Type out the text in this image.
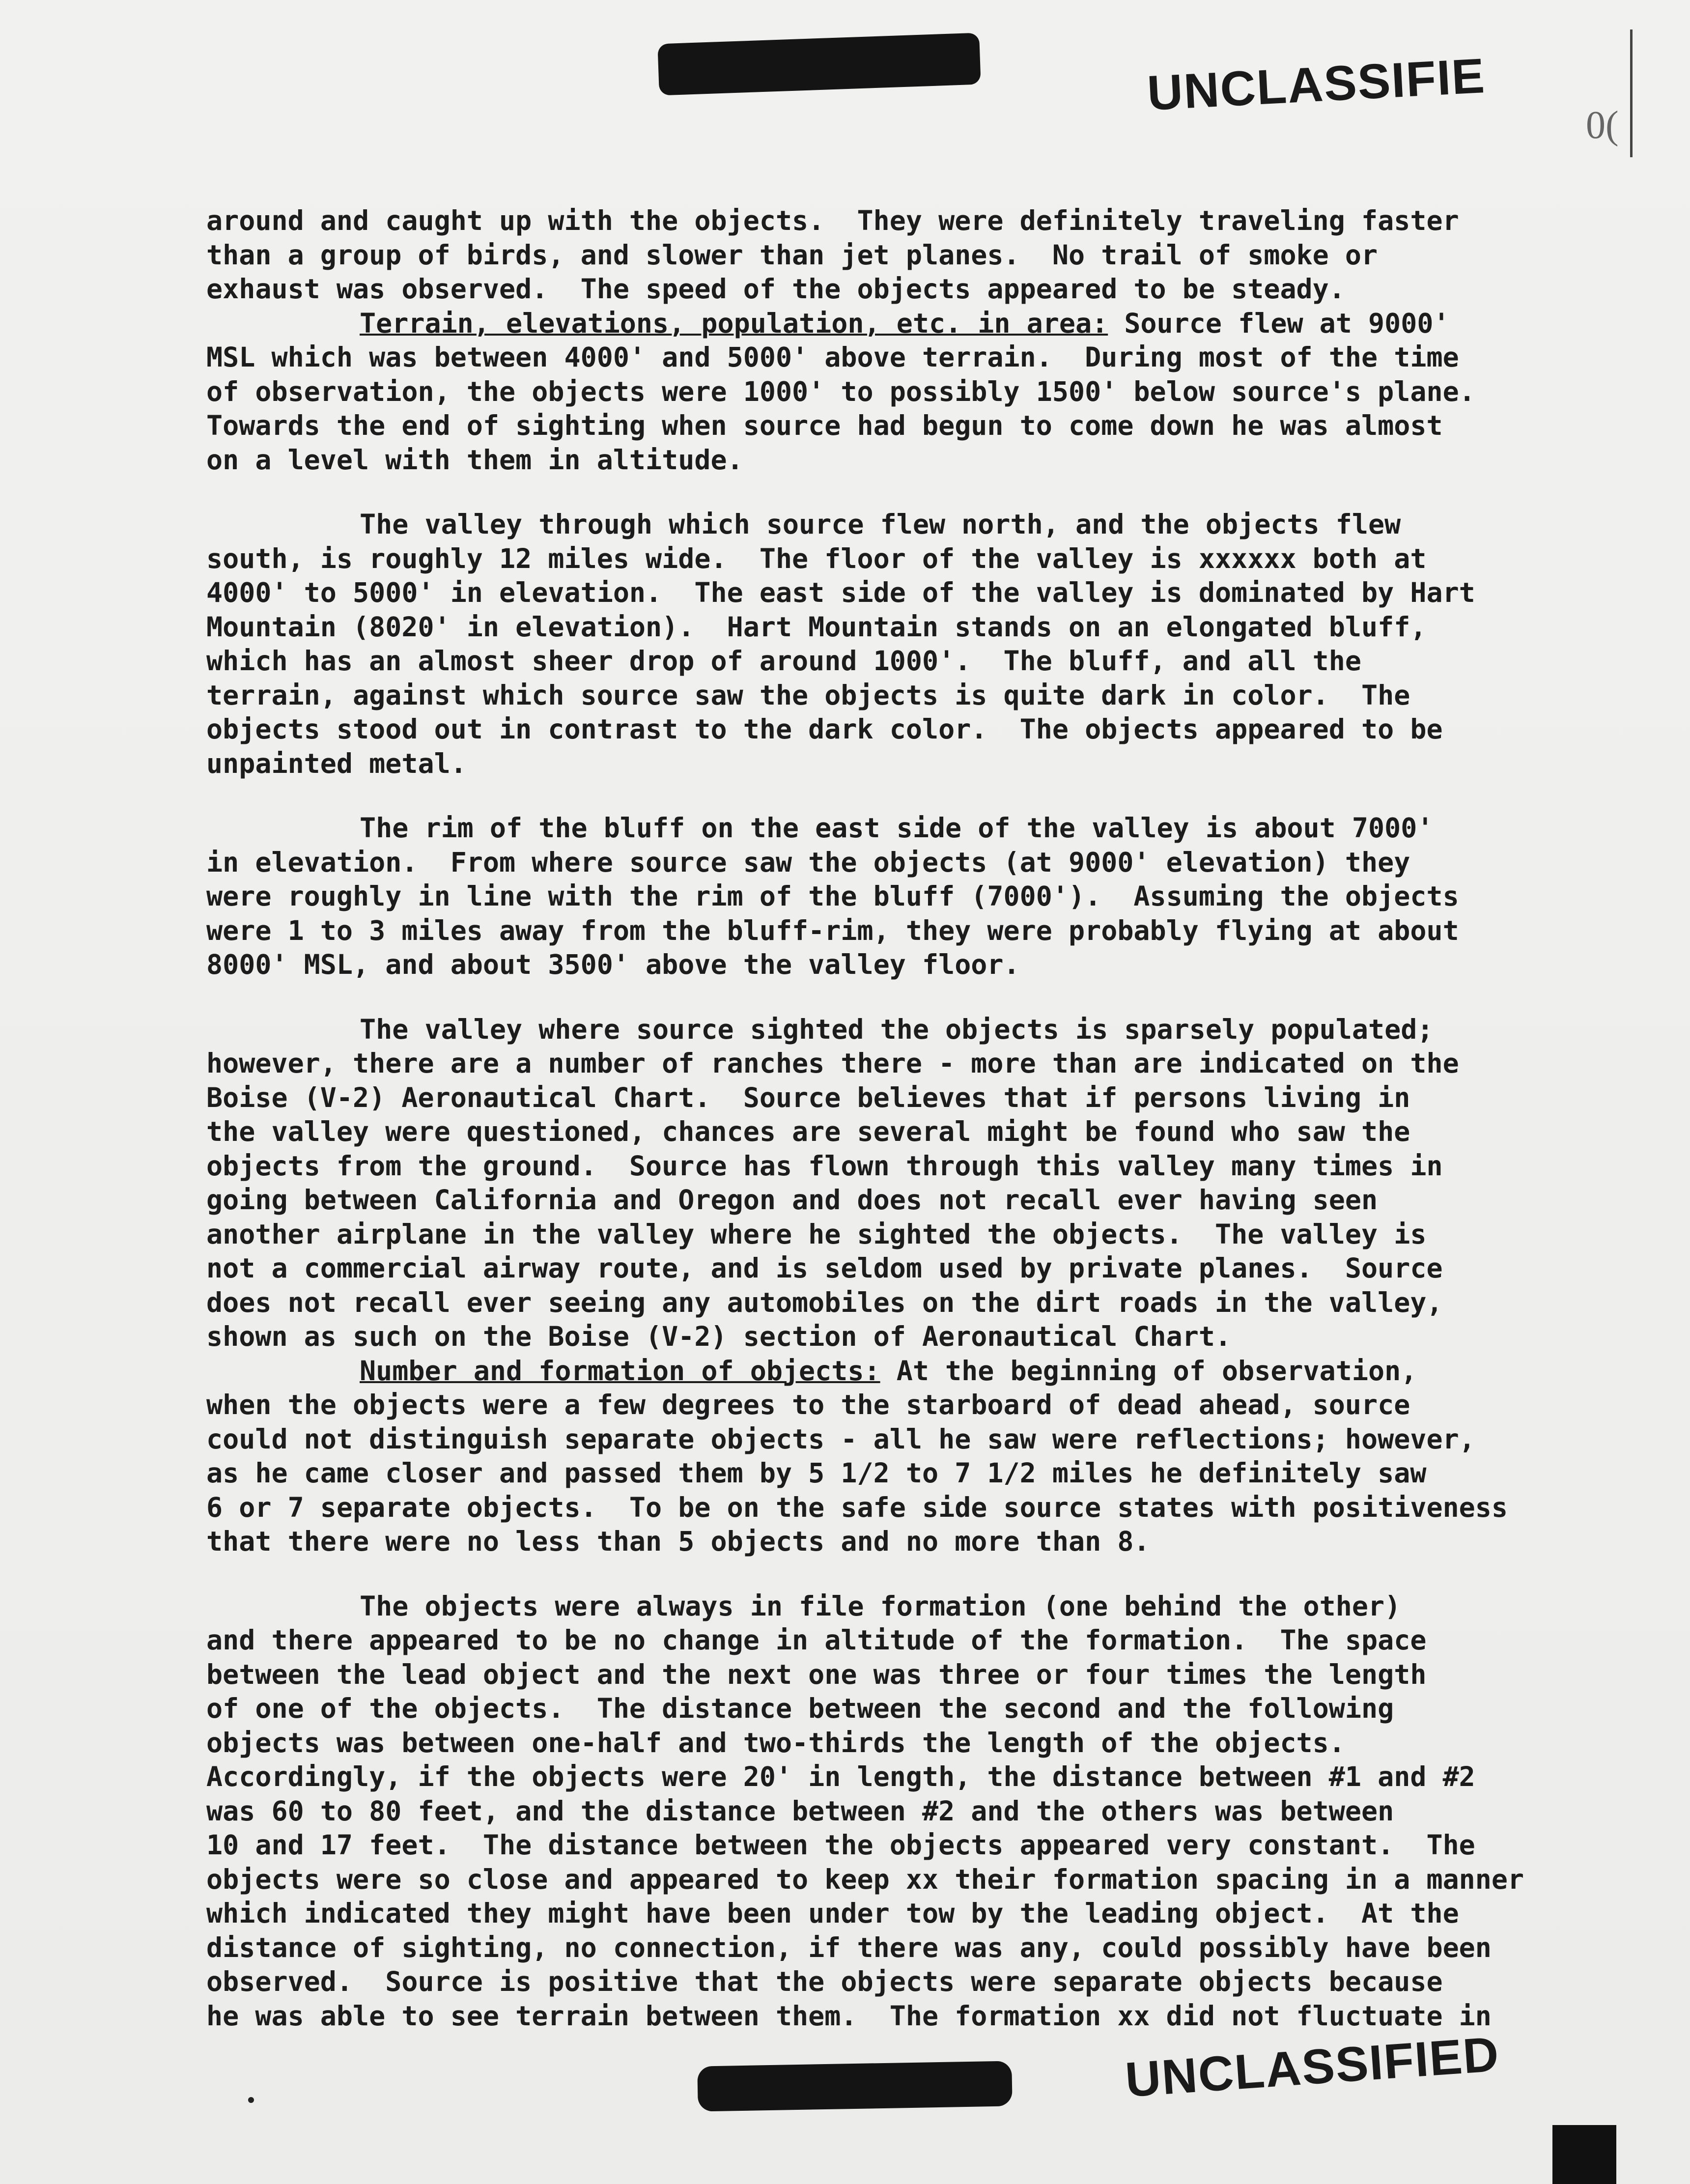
UNCLASSIFIE
0(
around and caught up with the objects.  They were definitely traveling faster
than a group of birds, and slower than jet planes.  No trail of smoke or
exhaust was observed.  The speed of the objects appeared to be steady.
Terrain, elevations, population, etc. in area: Source flew at 9000'
MSL which was between 4000' and 5000' above terrain.  During most of the time
of observation, the objects were 1000' to possibly 1500' below source's plane.
Towards the end of sighting when source had begun to come down he was almost
on a level with them in altitude.
The valley through which source flew north, and the objects flew
south, is roughly 12 miles wide.  The floor of the valley is xxxxxx both at
4000' to 5000' in elevation.  The east side of the valley is dominated by Hart
Mountain (8020' in elevation).  Hart Mountain stands on an elongated bluff,
which has an almost sheer drop of around 1000'.  The bluff, and all the
terrain, against which source saw the objects is quite dark in color.  The
objects stood out in contrast to the dark color.  The objects appeared to be
unpainted metal.
The rim of the bluff on the east side of the valley is about 7000'
in elevation.  From where source saw the objects (at 9000' elevation) they
were roughly in line with the rim of the bluff (7000').  Assuming the objects
were 1 to 3 miles away from the bluff-rim, they were probably flying at about
8000' MSL, and about 3500' above the valley floor.
The valley where source sighted the objects is sparsely populated;
however, there are a number of ranches there - more than are indicated on the
Boise (V-2) Aeronautical Chart.  Source believes that if persons living in
the valley were questioned, chances are several might be found who saw the
objects from the ground.  Source has flown through this valley many times in
going between California and Oregon and does not recall ever having seen
another airplane in the valley where he sighted the objects.  The valley is
not a commercial airway route, and is seldom used by private planes.  Source
does not recall ever seeing any automobiles on the dirt roads in the valley,
shown as such on the Boise (V-2) section of Aeronautical Chart.
Number and formation of objects: At the beginning of observation,
when the objects were a few degrees to the starboard of dead ahead, source
could not distinguish separate objects - all he saw were reflections; however,
as he came closer and passed them by 5 1/2 to 7 1/2 miles he definitely saw
6 or 7 separate objects.  To be on the safe side source states with positiveness
that there were no less than 5 objects and no more than 8.
The objects were always in file formation (one behind the other)
and there appeared to be no change in altitude of the formation.  The space
between the lead object and the next one was three or four times the length
of one of the objects.  The distance between the second and the following
objects was between one-half and two-thirds the length of the objects.
Accordingly, if the objects were 20' in length, the distance between #1 and #2
was 60 to 80 feet, and the distance between #2 and the others was between
10 and 17 feet.  The distance between the objects appeared very constant.  The
objects were so close and appeared to keep xx their formation spacing in a manner
which indicated they might have been under tow by the leading object.  At the
distance of sighting, no connection, if there was any, could possibly have been
observed.  Source is positive that the objects were separate objects because
he was able to see terrain between them.  The formation xx did not fluctuate in
UNCLASSIFIED
